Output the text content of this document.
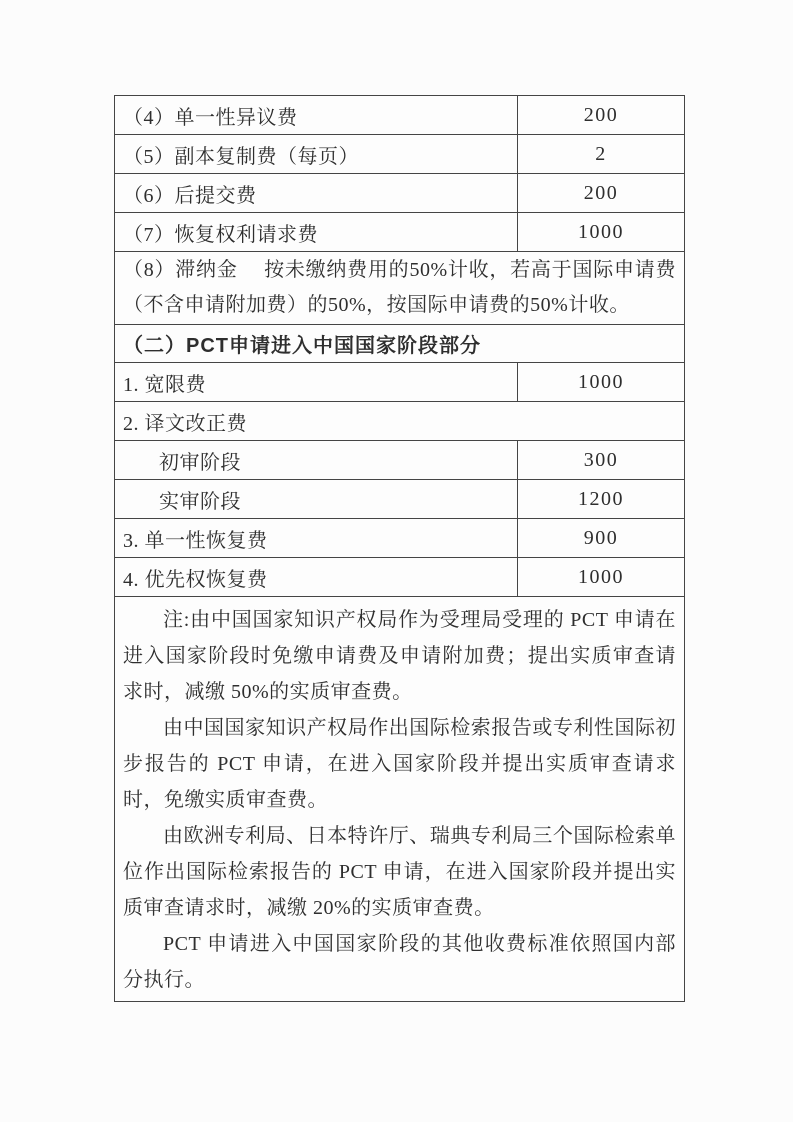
（4）单一性异议费	200
（5）副本复制费（每页）	2
（6）后提交费	200
（7）恢复权利请求费	1000
（8）滞纳金　 按未缴纳费用的50%计收，若高于国际申请费（不含申请附加费）的50%，按国际申请费的50%计收。
（二）PCT申请进入中国国家阶段部分
1. 宽限费	1000
2. 译文改正费
初审阶段	300
实审阶段	1200
3. 单一性恢复费	900
4. 优先权恢复费	1000

注:由中国国家知识产权局作为受理局受理的 PCT 申请在进入国家阶段时免缴申请费及申请附加费；提出实质审查请求时，减缴 50%的实质审查费。

由中国国家知识产权局作出国际检索报告或专利性国际初步报告的 PCT 申请，在进入国家阶段并提出实质审查请求时，免缴实质审查费。

由欧洲专利局、日本特许厅、瑞典专利局三个国际检索单位作出国际检索报告的 PCT 申请，在进入国家阶段并提出实质审查请求时，减缴 20%的实质审查费。

PCT 申请进入中国国家阶段的其他收费标准依照国内部分执行。
